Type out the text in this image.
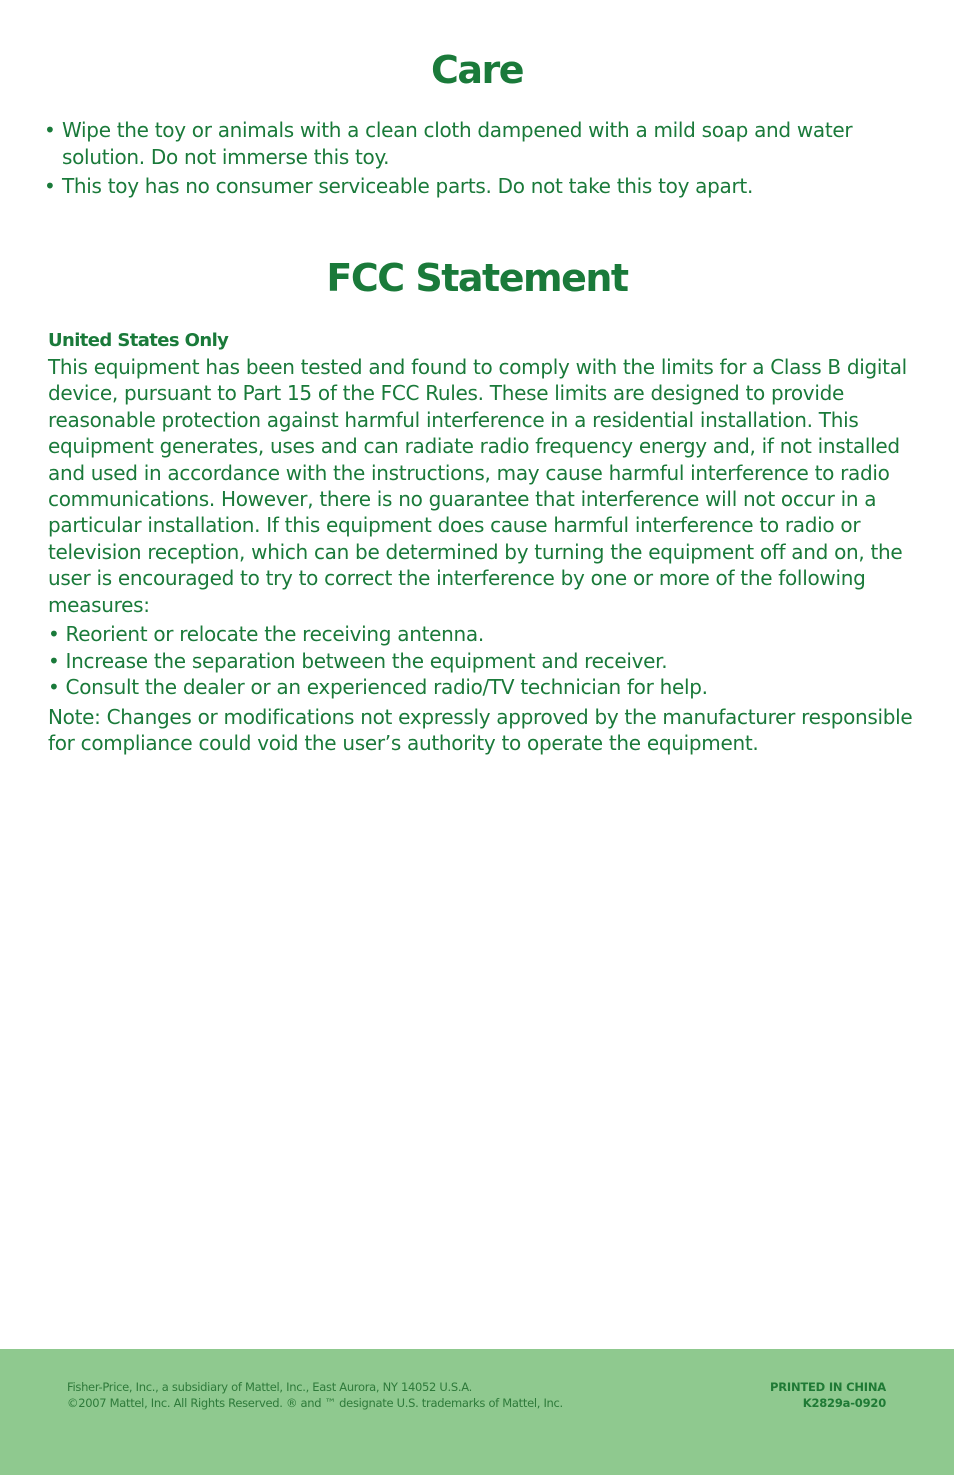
Care
• Wipe the toy or animals with a clean cloth dampened with a mild soap and water solution. Do not immerse this toy.
• This toy has no consumer serviceable parts. Do not take this toy apart.
FCC Statement
United States Only

This equipment has been tested and found to comply with the limits for a Class B digital device, pursuant to Part 15 of the FCC Rules. These limits are designed to provide reasonable protection against harmful interference in a residential installation. This equipment generates, uses and can radiate radio frequency energy and, if not installed and used in accordance with the instructions, may cause harmful interference to radio communications. However, there is no guarantee that interference will not occur in a particular installation. If this equipment does cause harmful interference to radio or television reception, which can be determined by turning the equipment off and on, the user is encouraged to try to correct the interference by one or more of the following measures:

• Reorient or relocate the receiving antenna.
• Increase the separation between the equipment and receiver.
• Consult the dealer or an experienced radio/TV technician for help.

Note: Changes or modifications not expressly approved by the manufacturer responsible for compliance could void the user’s authority to operate the equipment.

Fisher-Price, Inc., a subsidiary of Mattel, Inc., East Aurora, NY 14052 U.S.A.
©2007 Mattel, Inc. All Rights Reserved. ® and ™ designate U.S. trademarks of Mattel, Inc.
PRINTED IN CHINA
K2829a-0920
